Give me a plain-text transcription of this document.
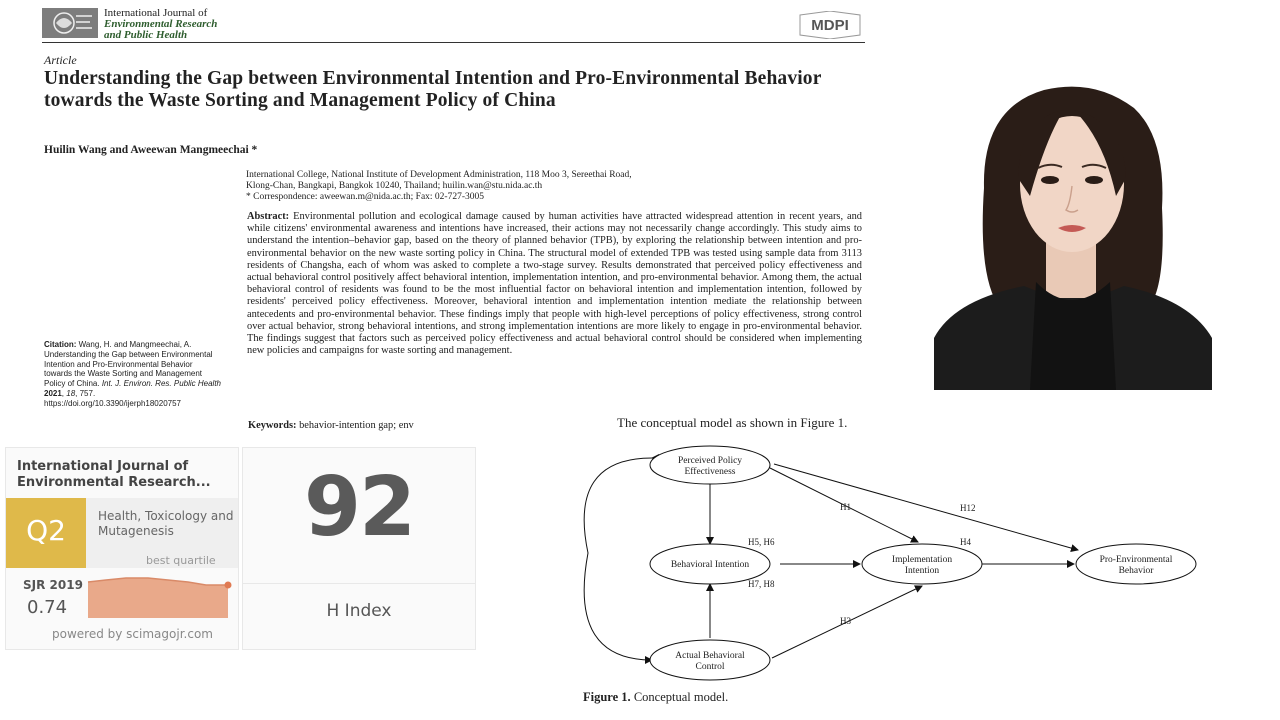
International Journal of
Environmental Research
and Public Health
MDPI
Article
Understanding the Gap between Environmental Intention and Pro-Environmental Behavior towards the Waste Sorting and Management Policy of China
Huilin Wang and Aweewan Mangmeechai *
International College, National Institute of Development Administration, 118 Moo 3, Sereethai Road,
Klong-Chan, Bangkapi, Bangkok 10240, Thailand; huilin.wan@stu.nida.ac.th
* Correspondence: aweewan.m@nida.ac.th; Fax: 02-727-3005
Abstract: Environmental pollution and ecological damage caused by human activities have attracted widespread attention in recent years, and while citizens' environmental awareness and intentions have increased, their actions may not necessarily change accordingly. This study aims to understand the intention–behavior gap, based on the theory of planned behavior (TPB), by exploring the relationship between intention and pro-environmental behavior on the new waste sorting policy in China. The structural model of extended TPB was tested using sample data from 3113 residents of Changsha, each of whom was asked to complete a two-stage survey. Results demonstrated that perceived policy effectiveness and actual behavioral control positively affect behavioral intention, implementation intention, and pro-environmental behavior. Among them, the actual behavioral control of residents was found to be the most influential factor on behavioral intention and implementation intention, followed by residents' perceived policy effectiveness. Moreover, behavioral intention and implementation intention mediate the relationship between antecedents and pro-environmental behavior. These findings imply that people with high-level perceptions of policy effectiveness, strong control over actual behavior, strong behavioral intentions, and strong implementation intentions are more likely to engage in pro-environmental behavior. The findings suggest that factors such as perceived policy effectiveness and actual behavioral control should be considered when implementing new policies and campaigns for waste sorting and management.
Keywords: behavior-intention gap; env
Citation: Wang, H. and Mangmeechai, A. Understanding the Gap between Environmental Intention and Pro-Environmental Behavior towards the Waste Sorting and Management Policy of China. Int. J. Environ. Res. Public Health 2021, 18, 757. https://doi.org/10.3390/ijerph18020757
International Journal of Environmental Research...
Q2	Health, Toxicology and Mutagenesis
best quartile
SJR 2019
0.74
powered by scimagojr.com
92
H Index
The conceptual model as shown in Figure 1.
Perceived Policy
Effectiveness
Behavioral Intention	Implementation
Intention
Pro-Environmental
Behavior
Actual Behavioral
Control
H1	H12
H3
H4
H5, H6
H7, H8
Figure 1. Conceptual model.
